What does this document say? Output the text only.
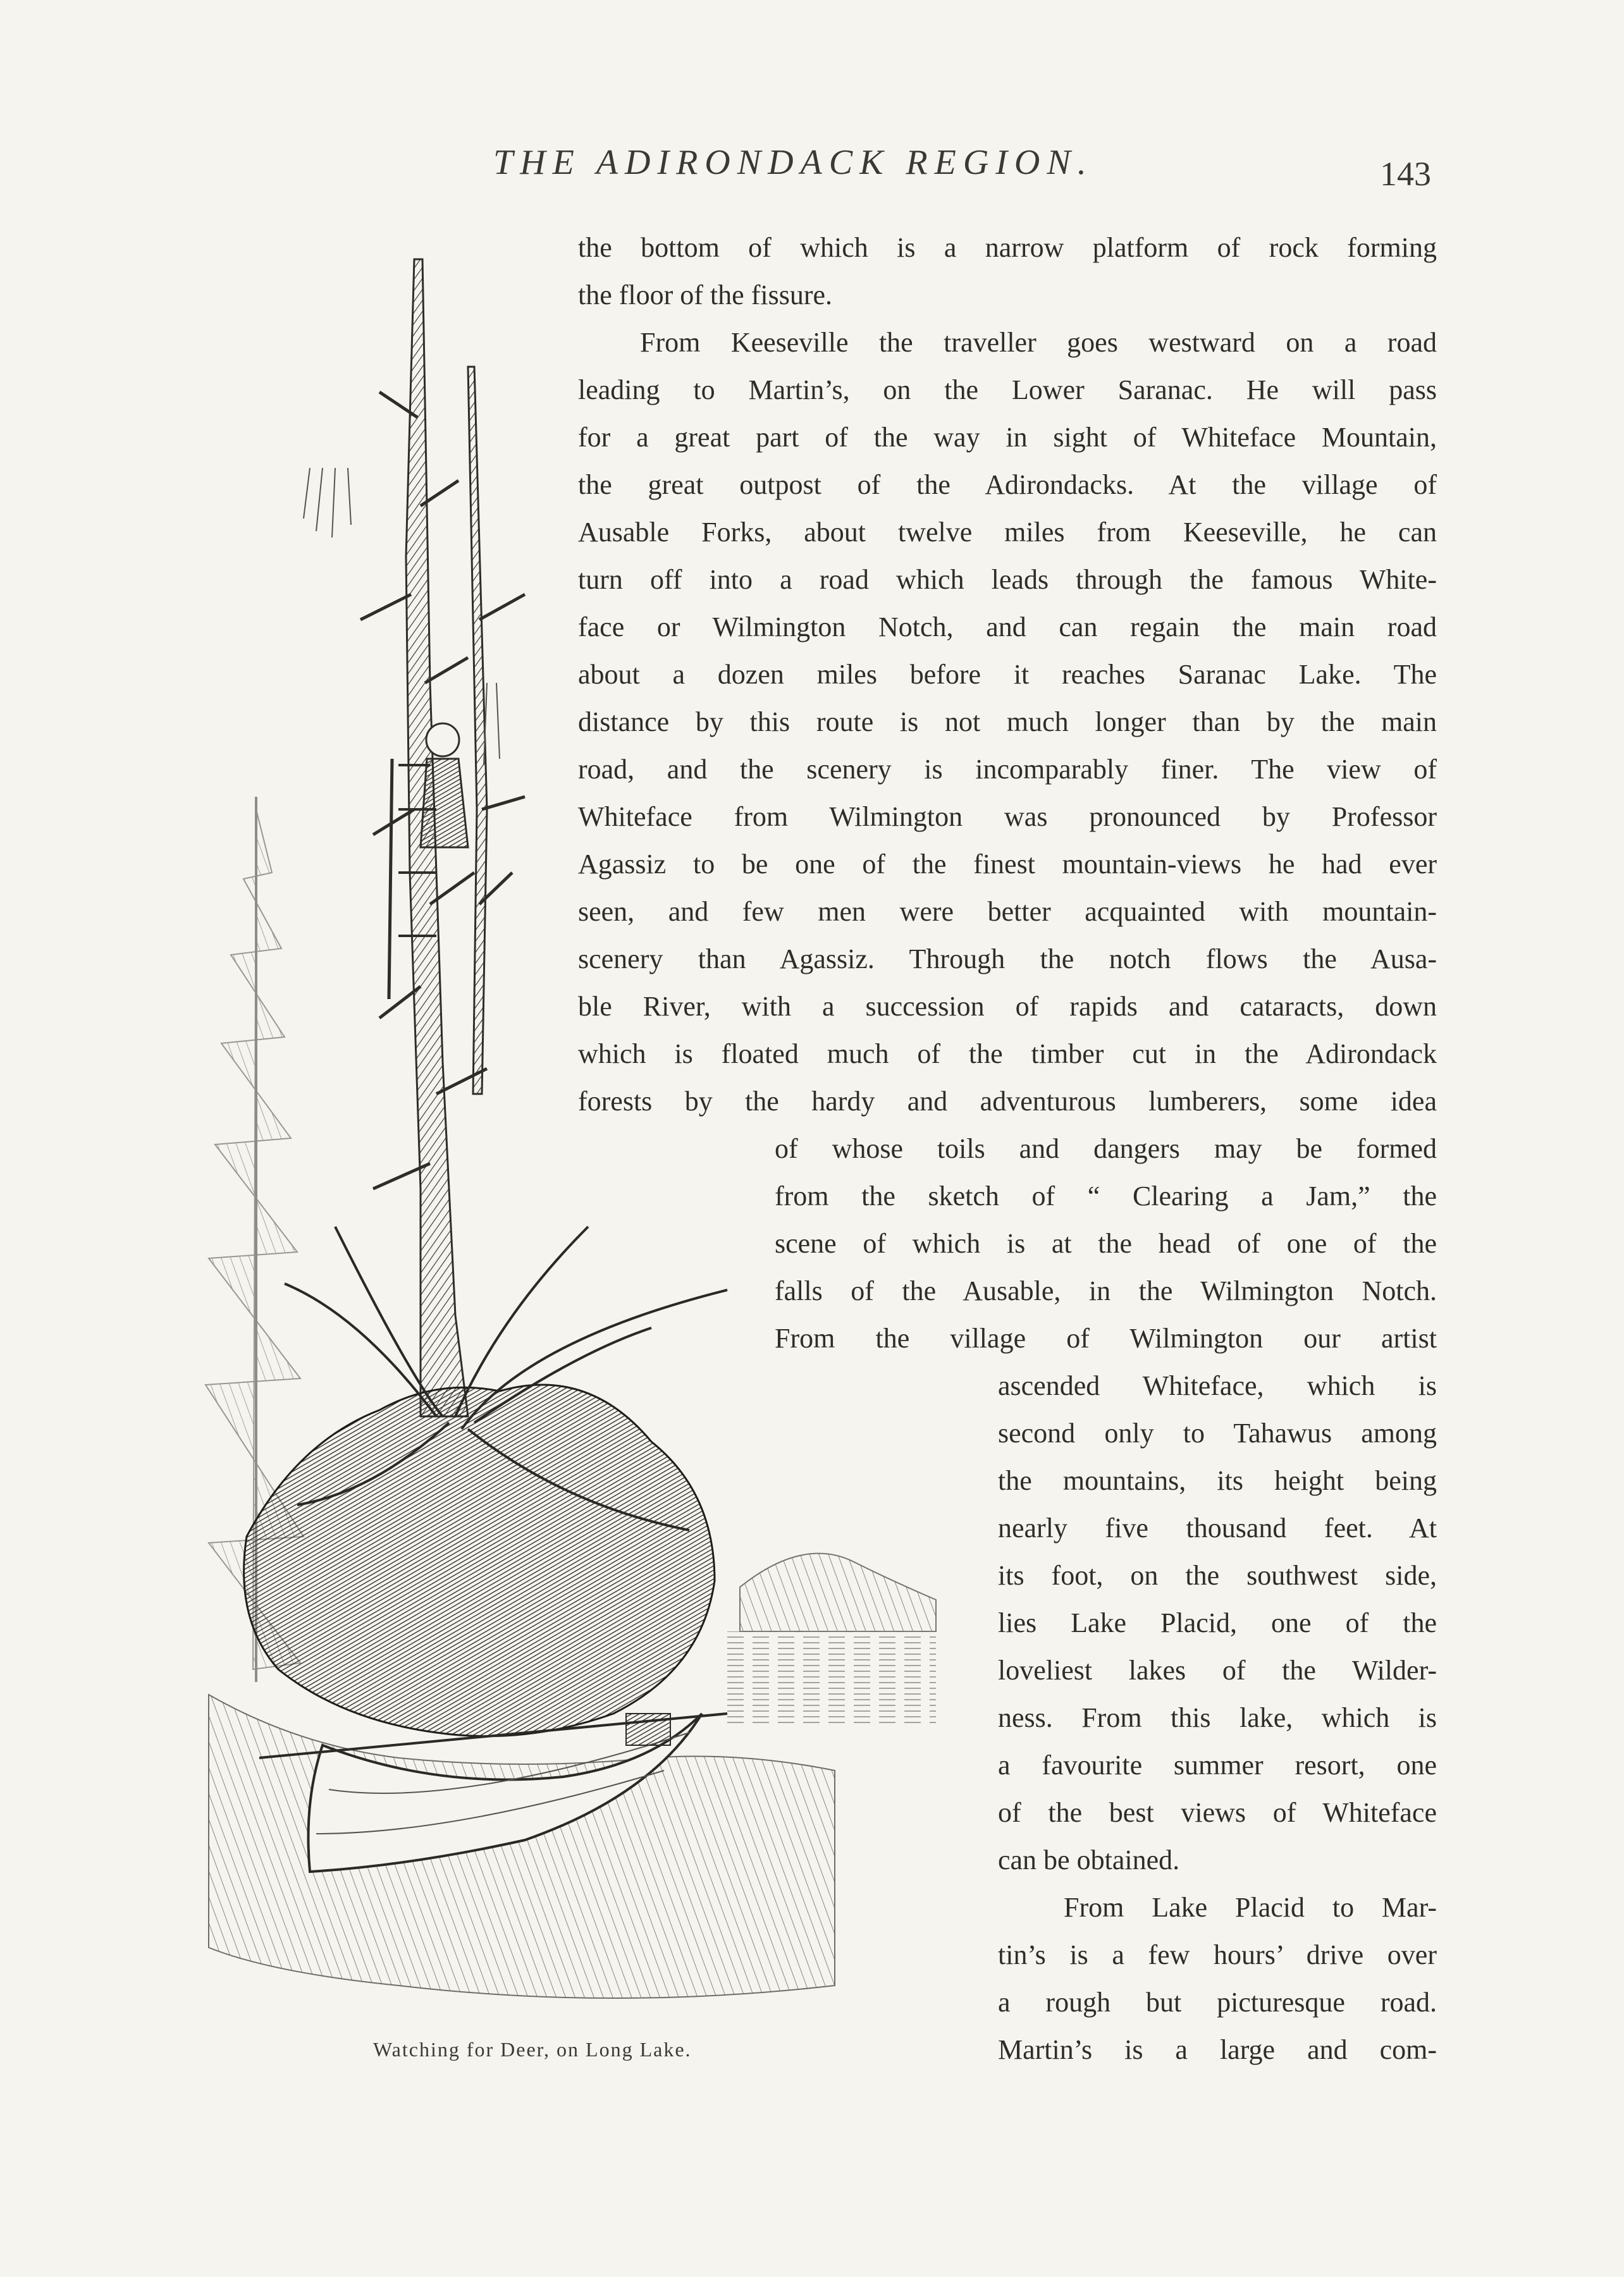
THE ADIRONDACK REGION.	143
Watching for Deer, on Long Lake.
the bottom of which is a narrow platform of rock forming
the floor of the fissure.
From Keeseville the traveller goes westward on a road
leading to Martin’s, on the Lower Saranac. He will pass
for a great part of the way in sight of Whiteface Mountain,
the great outpost of the Adirondacks. At the village of
Ausable Forks, about twelve miles from Keeseville, he can
turn off into a road which leads through the famous White-
face or Wilmington Notch, and can regain the main road
about a dozen miles before it reaches Saranac Lake. The
distance by this route is not much longer than by the main
road, and the scenery is incomparably finer. The view of
Whiteface from Wilmington was pronounced by Professor
Agassiz to be one of the finest mountain-views he had ever
seen, and few men were better acquainted with mountain-
scenery than Agassiz. Through the notch flows the Ausa-
ble River, with a succession of rapids and cataracts, down
which is floated much of the timber cut in the Adirondack
forests by the hardy and adventurous lumberers, some idea
of whose toils and dangers may be formed
from the sketch of “ Clearing a Jam,” the
scene of which is at the head of one of the
falls of the Ausable, in the Wilmington Notch.
From the village of Wilmington our artist
ascended Whiteface, which is
second only to Tahawus among
the mountains, its height being
nearly five thousand feet. At
its foot, on the southwest side,
lies Lake Placid, one of the
loveliest lakes of the Wilder-
ness. From this lake, which is
a favourite summer resort, one
of the best views of Whiteface
can be obtained.
From Lake Placid to Mar-
tin’s is a few hours’ drive over
a rough but picturesque road.
Martin’s is a large and com-
